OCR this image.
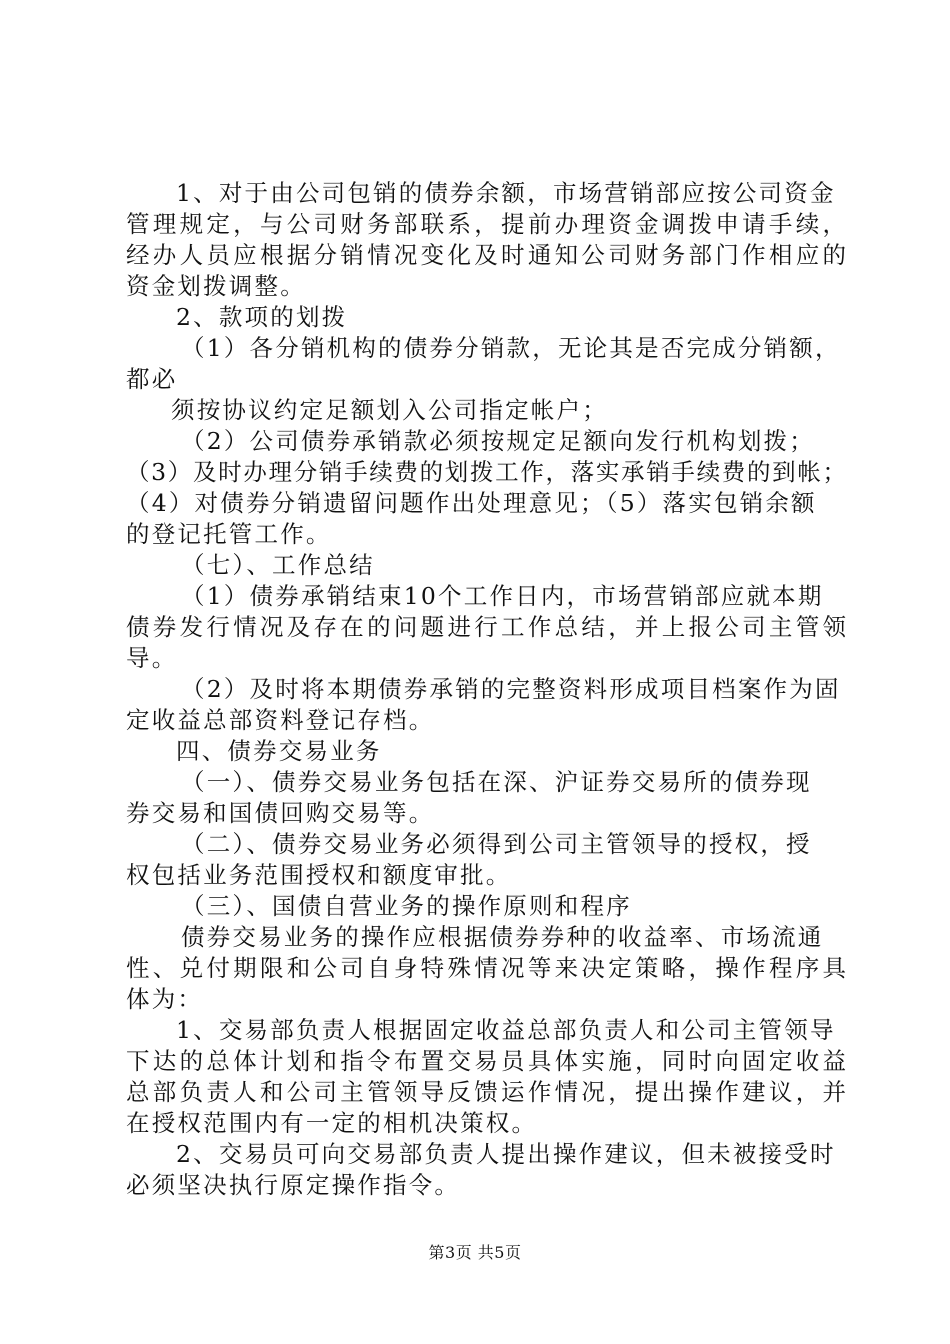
1、对于由公司包销的债券余额，市场营销部应按公司资金
管理规定，与公司财务部联系，提前办理资金调拨申请手续，
经办人员应根据分销情况变化及时通知公司财务部门作相应的
资金划拨调整。
2、款项的划拨
（1）各分销机构的债券分销款，无论其是否完成分销额，
都必
须按协议约定足额划入公司指定帐户；
（2）公司债券承销款必须按规定足额向发行机构划拨；
（3）及时办理分销手续费的划拨工作，落实承销手续费的到帐；
（4）对债券分销遗留问题作出处理意见；（5）落实包销余额
的登记托管工作。
（七）、工作总结
（1）债券承销结束10个工作日内，市场营销部应就本期
债券发行情况及存在的问题进行工作总结，并上报公司主管领
导。
（2）及时将本期债券承销的完整资料形成项目档案作为固
定收益总部资料登记存档。
四、债券交易业务
（一）、债券交易业务包括在深、沪证券交易所的债券现
券交易和国债回购交易等。
（二）、债券交易业务必须得到公司主管领导的授权，授
权包括业务范围授权和额度审批。
（三）、国债自营业务的操作原则和程序
债券交易业务的操作应根据债券券种的收益率、市场流通
性、兑付期限和公司自身特殊情况等来决定策略，操作程序具
体为：
1、交易部负责人根据固定收益总部负责人和公司主管领导
下达的总体计划和指令布置交易员具体实施，同时向固定收益
总部负责人和公司主管领导反馈运作情况，提出操作建议，并
在授权范围内有一定的相机决策权。
2、交易员可向交易部负责人提出操作建议，但未被接受时
必须坚决执行原定操作指令。
第3页 共5页
